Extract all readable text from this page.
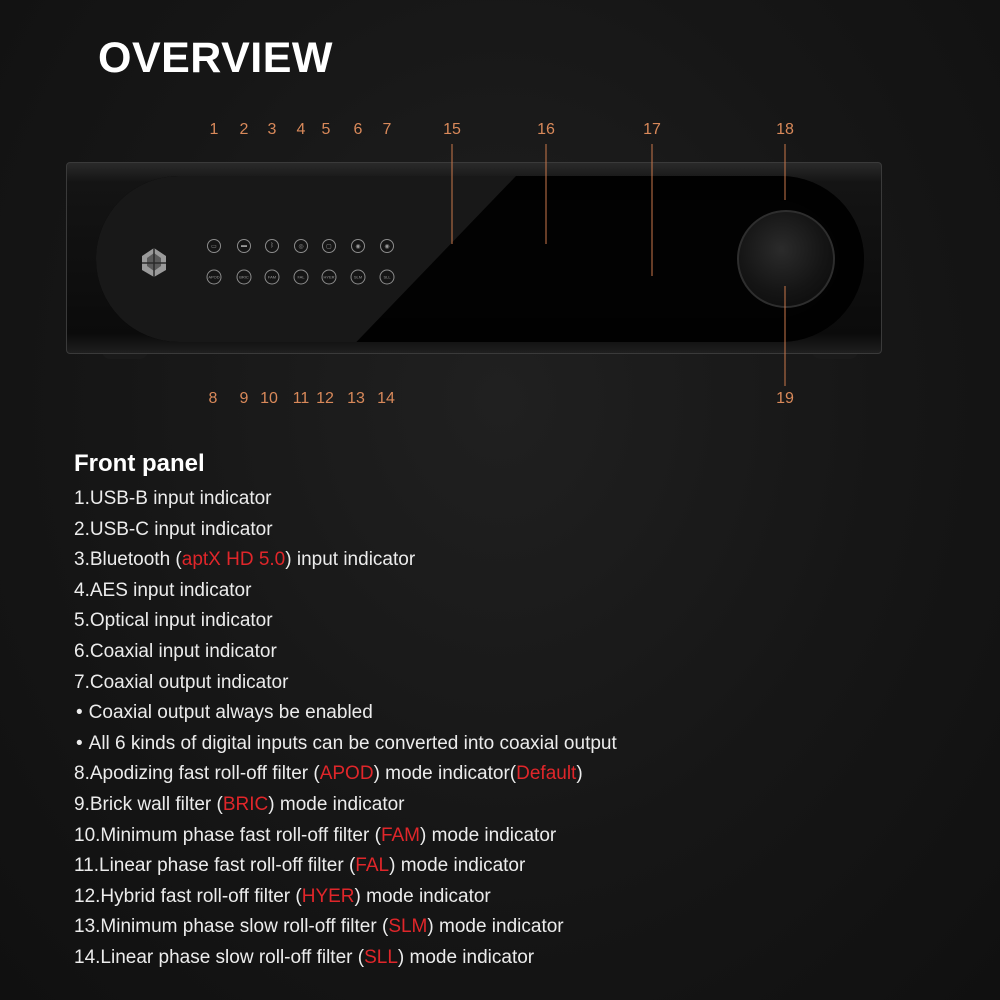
OVERVIEW
1 2 3 4 5 6 7	15	16	17	18
▭	▬	ᛒ	◎	▢	◉	◉
APOD	BRIC	FAM	FAL	HYER	SLM	SLL
8 9 10 11 12 13 14	19
Front panel
1.USB-B input indicator
2.USB-C input indicator
3.Bluetooth (aptX HD 5.0) input indicator
4.AES input indicator
5.Optical input indicator
6.Coaxial input indicator
7.Coaxial output indicator
• Coaxial output always be enabled
• All 6 kinds of digital inputs can be converted into coaxial output
8.Apodizing fast roll-off filter (APOD) mode indicator(Default)
9.Brick wall filter (BRIC) mode indicator
10.Minimum phase fast roll-off filter (FAM) mode indicator
11.Linear phase fast roll-off filter (FAL) mode indicator
12.Hybrid fast roll-off filter (HYER) mode indicator
13.Minimum phase slow roll-off filter (SLM) mode indicator
14.Linear phase slow roll-off filter (SLL) mode indicator
